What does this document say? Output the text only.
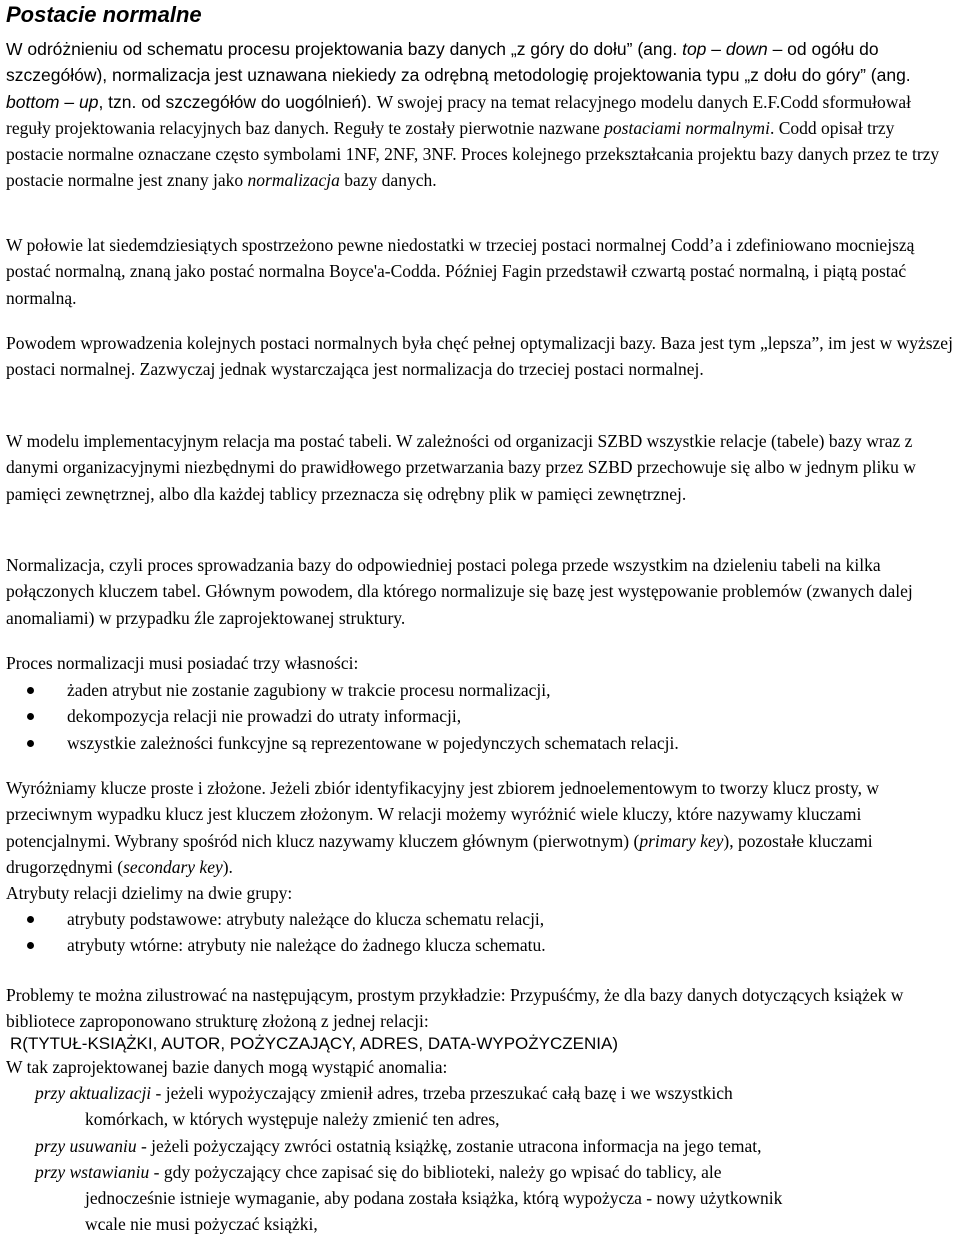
Postacie normalne

W odróżnieniu od schematu procesu projektowania bazy danych „z góry do dołu” (ang. top – down – od ogółu do szczegółów), normalizacja jest uznawana niekiedy za odrębną metodologię projektowania typu „z dołu do góry” (ang. bottom – up, tzn. od szczegółów do uogólnień). W swojej pracy na temat relacyjnego modelu danych E.F.Codd sformułował reguły projektowania relacyjnych baz danych. Reguły te zostały pierwotnie nazwane postaciami normalnymi. Codd opisał trzy postacie normalne oznaczane często symbolami 1NF, 2NF, 3NF. Proces kolejnego przekształcania projektu bazy danych przez te trzy postacie normalne jest znany jako normalizacja bazy danych.

W połowie lat siedemdziesiątych spostrzeżono pewne niedostatki w trzeciej postaci normalnej Codd’a i zdefiniowano mocniejszą postać normalną, znaną jako postać normalna Boyce'a-Codda. Później Fagin przedstawił czwartą postać normalną, i piątą postać normalną.

Powodem wprowadzenia kolejnych postaci normalnych była chęć pełnej optymalizacji bazy. Baza jest tym „lepsza”, im jest w wyższej postaci normalnej. Zazwyczaj jednak wystarczająca jest normalizacja do trzeciej postaci normalnej.

W modelu implementacyjnym relacja ma postać tabeli. W zależności od organizacji SZBD wszystkie relacje (tabele) bazy wraz z danymi organizacyjnymi niezbędnymi do prawidłowego przetwarzania bazy przez SZBD przechowuje się albo w jednym pliku w pamięci zewnętrznej, albo dla każdej tablicy przeznacza się odrębny plik w pamięci zewnętrznej.

Normalizacja, czyli proces sprowadzania bazy do odpowiedniej postaci polega przede wszystkim na dzieleniu tabeli na kilka połączonych kluczem tabel. Głównym powodem, dla którego normalizuje się bazę jest występowanie problemów (zwanych dalej anomaliami) w przypadku źle zaprojektowanej struktury.

Proces normalizacji musi posiadać trzy własności:

żaden atrybut nie zostanie zagubiony w trakcie procesu normalizacji,
dekompozycja relacji nie prowadzi do utraty informacji,
wszystkie zależności funkcyjne są reprezentowane w pojedynczych schematach relacji.

Wyróżniamy klucze proste i złożone. Jeżeli zbiór identyfikacyjny jest zbiorem jednoelementowym to tworzy klucz prosty, w przeciwnym wypadku klucz jest kluczem złożonym. W relacji możemy wyróżnić wiele kluczy, które nazywamy kluczami potencjalnymi. Wybrany spośród nich klucz nazywamy kluczem głównym (pierwotnym) (primary key), pozostałe kluczami drugorzędnymi (secondary key).

Atrybuty relacji dzielimy na dwie grupy:

atrybuty podstawowe: atrybuty należące do klucza schematu relacji,
atrybuty wtórne: atrybuty nie należące do żadnego klucza schematu.

Problemy te można zilustrować na następującym, prostym przykładzie: Przypuśćmy, że dla bazy danych dotyczących książek w bibliotece zaproponowano strukturę złożoną z jednej relacji:

R(TYTUŁ-KSIĄŻKI, AUTOR, POŻYCZAJĄCY, ADRES, DATA-WYPOŻYCZENIA)

W tak zaprojektowanej bazie danych mogą wystąpić anomalia:

przy aktualizacji - jeżeli wypożyczający zmienił adres, trzeba przeszukać całą bazę i we wszystkich
komórkach, w których występuje należy zmienić ten adres,
przy usuwaniu - jeżeli pożyczający zwróci ostatnią książkę, zostanie utracona informacja na jego temat,
przy wstawianiu - gdy pożyczający chce zapisać się do biblioteki, należy go wpisać do tablicy, ale
jednocześnie istnieje wymaganie, aby podana została książka, którą wypożycza - nowy użytkownik
wcale nie musi pożyczać książki,
